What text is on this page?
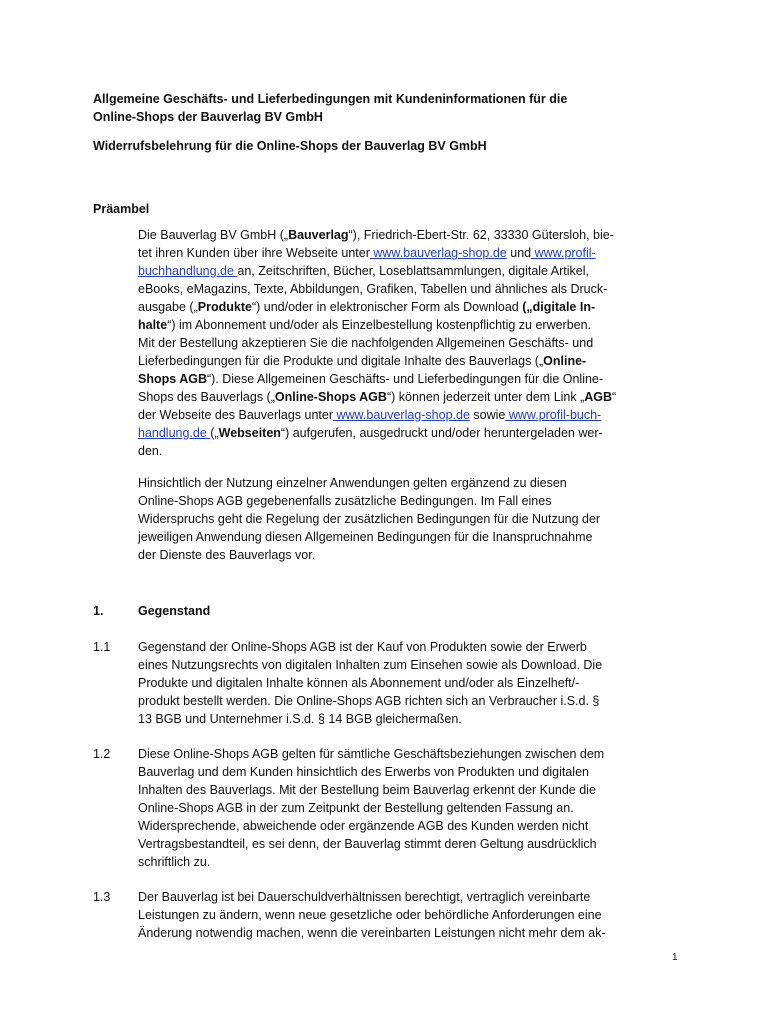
Allgemeine Geschäfts- und Lieferbedingungen mit Kundeninformationen für die
Online-Shops der Bauverlag BV GmbH
Widerrufsbelehrung für die Online-Shops der Bauverlag BV GmbH
Präambel
Die Bauverlag BV GmbH („Bauverlag“), Friedrich-Ebert-Str. 62, 33330 Gütersloh, bie-
tet ihren Kunden über ihre Webseite unter www.bauverlag-shop.de und www.profil-
buchhandlung.de an, Zeitschriften, Bücher, Loseblattsammlungen, digitale Artikel,
eBooks, eMagazins, Texte, Abbildungen, Grafiken, Tabellen und ähnliches als Druck-
ausgabe („Produkte“) und/oder in elektronischer Form als Download („digitale In-
halte“) im Abonnement und/oder als Einzelbestellung kostenpflichtig zu erwerben.
Mit der Bestellung akzeptieren Sie die nachfolgenden Allgemeinen Geschäfts- und
Lieferbedingungen für die Produkte und digitale Inhalte des Bauverlags („Online-
Shops AGB“). Diese Allgemeinen Geschäfts- und Lieferbedingungen für die Online-
Shops des Bauverlags („Online-Shops AGB“) können jederzeit unter dem Link „AGB“
der Webseite des Bauverlags unter www.bauverlag-shop.de sowie www.profil-buch-
handlung.de („Webseiten“) aufgerufen, ausgedruckt und/oder heruntergeladen wer-
den.
Hinsichtlich der Nutzung einzelner Anwendungen gelten ergänzend zu diesen
Online-Shops AGB gegebenenfalls zusätzliche Bedingungen. Im Fall eines
Widerspruchs geht die Regelung der zusätzlichen Bedingungen für die Nutzung der
jeweiligen Anwendung diesen Allgemeinen Bedingungen für die Inanspruchnahme
der Dienste des Bauverlags vor.
1.	Gegenstand
1.1 Gegenstand der Online-Shops AGB ist der Kauf von Produkten sowie der Erwerb
eines Nutzungsrechts von digitalen Inhalten zum Einsehen sowie als Download. Die
Produkte und digitalen Inhalte können als Abonnement und/oder als Einzelheft/-
produkt bestellt werden. Die Online-Shops AGB richten sich an Verbraucher i.S.d. §
13 BGB und Unternehmer i.S.d. § 14 BGB gleichermaßen.
1.2 Diese Online-Shops AGB gelten für sämtliche Geschäftsbeziehungen zwischen dem
Bauverlag und dem Kunden hinsichtlich des Erwerbs von Produkten und digitalen
Inhalten des Bauverlags. Mit der Bestellung beim Bauverlag erkennt der Kunde die
Online-Shops AGB in der zum Zeitpunkt der Bestellung geltenden Fassung an.
Widersprechende, abweichende oder ergänzende AGB des Kunden werden nicht
Vertragsbestandteil, es sei denn, der Bauverlag stimmt deren Geltung ausdrücklich
schriftlich zu.
1.3 Der Bauverlag ist bei Dauerschuldverhältnissen berechtigt, vertraglich vereinbarte
Leistungen zu ändern, wenn neue gesetzliche oder behördliche Anforderungen eine
Änderung notwendig machen, wenn die vereinbarten Leistungen nicht mehr dem ak-
1
